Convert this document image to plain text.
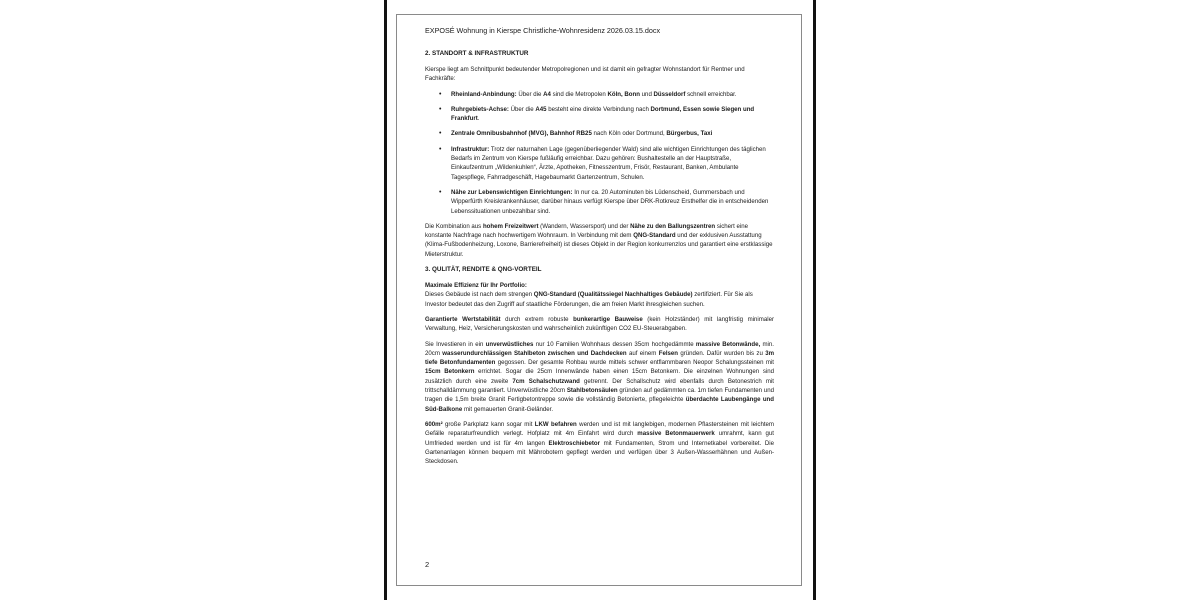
EXPOSÉ Wohnung in Kierspe Christliche-Wohnresidenz 2026.03.15.docx
2. STANDORT & INFRASTRUKTUR

Kierspe liegt am Schnittpunkt bedeutender Metropolregionen und ist damit ein gefragter Wohnstandort für Rentner und Fachkräfte:

• Rheinland-Anbindung: Über die A4 sind die Metropolen Köln, Bonn und Düsseldorf schnell erreichbar.
• Ruhrgebiets-Achse: Über die A45 besteht eine direkte Verbindung nach Dortmund, Essen sowie Siegen und Frankfurt.
• Zentrale Omnibusbahnhof (MVG), Bahnhof RB25 nach Köln oder Dortmund, Bürgerbus, Taxi
• Infrastruktur: Trotz der naturnahen Lage (gegenüberliegender Wald) sind alle wichtigen Einrichtungen des täglichen Bedarfs im Zentrum von Kierspe fußläufig erreichbar. Dazu gehören: Bushaltestelle an der Hauptstraße, Einkaufzentrum „Wildenkuhlen“, Ärzte, Apotheken, Fitnesszentrum, Frisör, Restaurant, Banken, Ambulante Tagespflege, Fahrradgeschäft, Hagebaumarkt Gartenzentrum, Schulen.
• Nähe zur Lebenswichtigen Einrichtungen: In nur ca. 20 Autominuten bis Lüdenscheid, Gummersbach und Wipperfürth Kreiskrankenhäuser, darüber hinaus verfügt Kierspe über DRK-Rotkreuz Ersthelfer die in entscheidenden Lebenssituationen unbezahlbar sind.

Die Kombination aus hohem Freizeitwert (Wandern, Wassersport) und der Nähe zu den Ballungszentren sichert eine konstante Nachfrage nach hochwertigem Wohnraum. In Verbindung mit dem QNG-Standard und der exklusiven Ausstattung (Klima-Fußbodenheizung, Loxone, Barrierefreiheit) ist dieses Objekt in der Region konkurrenzlos und garantiert eine erstklassige Mieterstruktur.

3. QULITÄT, RENDITE & QNG-VORTEIL

Maximale Effizienz für Ihr Portfolio:
Dieses Gebäude ist nach dem strengen QNG-Standard (Qualitätssiegel Nachhaltiges Gebäude) zertifiziert. Für Sie als Investor bedeutet das den Zugriff auf staatliche Förderungen, die am freien Markt ihresgleichen suchen.

Garantierte Wertstabilität durch extrem robuste bunkerartige Bauweise (kein Holzständer) mit langfristig minimaler Verwaltung, Heiz, Versicherungskosten und wahrscheinlich zukünftigen CO2 EU-Steuerabgaben.

Sie Investieren in ein unverwüstliches nur 10 Familien Wohnhaus dessen 35cm hochgedämmte massive Betonwände, min. 20cm wasserundurchlässigen Stahlbeton zwischen und Dachdecken auf einem Felsen gründen. Dafür wurden bis zu 3m tiefe Betonfundamenten gegossen. Der gesamte Rohbau wurde mittels schwer entflammbaren Neopor Schalungssteinen mit 15cm Betonkern errichtet. Sogar die 25cm Innenwände haben einen 15cm Betonkern. Die einzelnen Wohnungen sind zusätzlich durch eine zweite 7cm Schalschutzwand getrennt. Der Schallschutz wird ebenfalls durch Betonestrich mit trittschalldämmung garantiert. Unverwüstliche 20cm Stahlbetonsäulen gründen auf gedämmten ca. 1m tiefen Fundamenten und tragen die 1,5m breite Granit Fertigbetontreppe sowie die vollständig Betonierte, pflegeleichte überdachte Laubengänge und Süd-Balkone mit gemauerten Granit-Geländer.

600m² große Parkplatz kann sogar mit LKW befahren werden und ist mit langlebigen, modernen Pflastersteinen mit leichtem Gefälle reparaturfreundlich verlegt. Hofplatz mit 4m Einfahrt wird durch massive Betonmauerwerk umrahmt, kann gut Umfrieded werden und ist für 4m langen Elektroschiebetor mit Fundamenten, Strom und Internetkabel vorbereitet. Die Gartenanlagen können bequem mit Mährobotern gepflegt werden und verfügen über 3 Außen-Wasserhähnen und Außen-Steckdosen.

2
